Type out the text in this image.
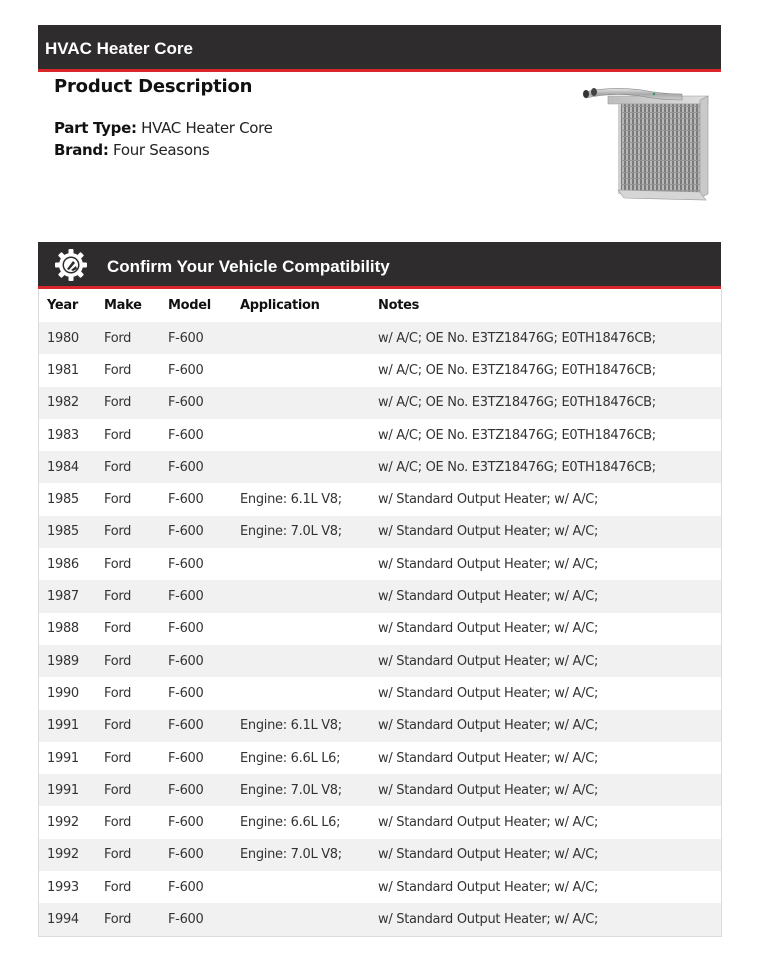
HVAC Heater Core
Product Description
Part Type: HVAC Heater Core
Brand: Four Seasons
Confirm Your Vehicle Compatibility
Year	Make	Model	Application	Notes
1980	Ford	F-600		w/ A/C; OE No. E3TZ18476G; E0TH18476CB;
1981	Ford	F-600		w/ A/C; OE No. E3TZ18476G; E0TH18476CB;
1982	Ford	F-600		w/ A/C; OE No. E3TZ18476G; E0TH18476CB;
1983	Ford	F-600		w/ A/C; OE No. E3TZ18476G; E0TH18476CB;
1984	Ford	F-600		w/ A/C; OE No. E3TZ18476G; E0TH18476CB;
1985	Ford	F-600	Engine: 6.1L V8;	w/ Standard Output Heater; w/ A/C;
1985	Ford	F-600	Engine: 7.0L V8;	w/ Standard Output Heater; w/ A/C;
1986	Ford	F-600		w/ Standard Output Heater; w/ A/C;
1987	Ford	F-600		w/ Standard Output Heater; w/ A/C;
1988	Ford	F-600		w/ Standard Output Heater; w/ A/C;
1989	Ford	F-600		w/ Standard Output Heater; w/ A/C;
1990	Ford	F-600		w/ Standard Output Heater; w/ A/C;
1991	Ford	F-600	Engine: 6.1L V8;	w/ Standard Output Heater; w/ A/C;
1991	Ford	F-600	Engine: 6.6L L6;	w/ Standard Output Heater; w/ A/C;
1991	Ford	F-600	Engine: 7.0L V8;	w/ Standard Output Heater; w/ A/C;
1992	Ford	F-600	Engine: 6.6L L6;	w/ Standard Output Heater; w/ A/C;
1992	Ford	F-600	Engine: 7.0L V8;	w/ Standard Output Heater; w/ A/C;
1993	Ford	F-600		w/ Standard Output Heater; w/ A/C;
1994	Ford	F-600		w/ Standard Output Heater; w/ A/C;
